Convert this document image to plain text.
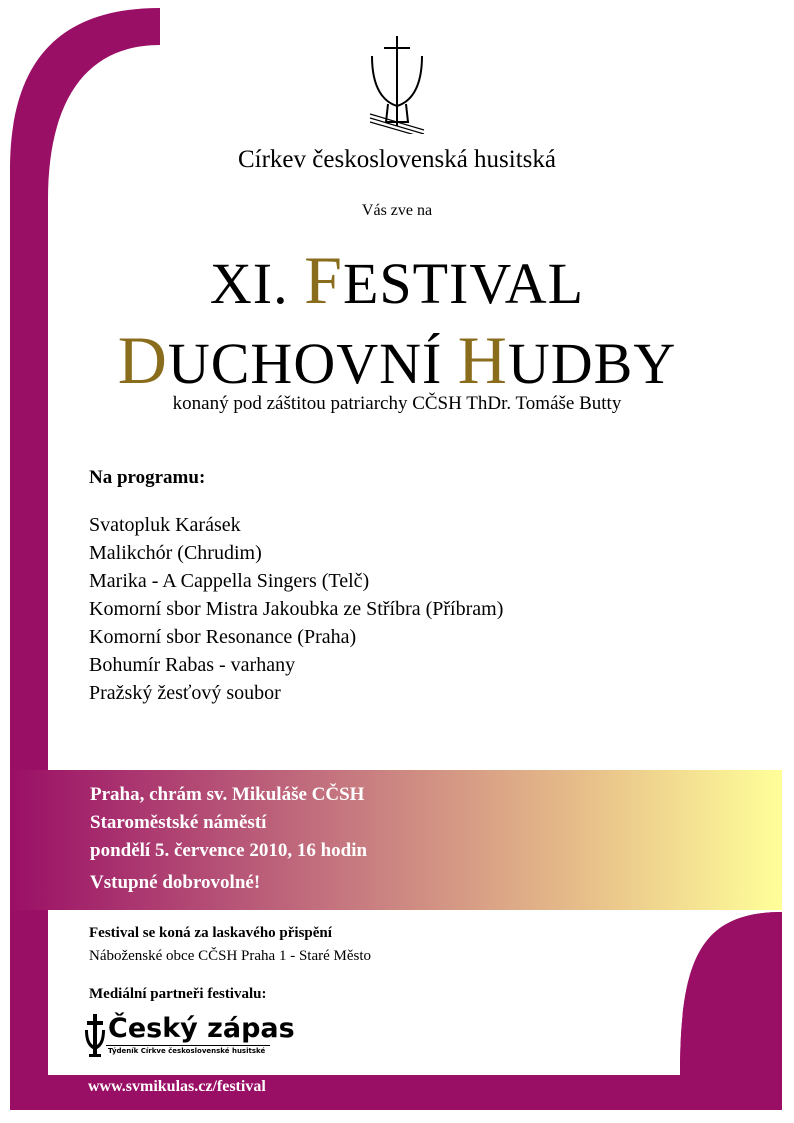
Církev československá husitská
Vás zve na
XI. FESTIVAL
DUCHOVNÍ HUDBY
konaný pod záštitou patriarchy CČSH ThDr. Tomáše Butty
Na programu:
Svatopluk Karásek
Malikchór (Chrudim)
Marika - A Cappella Singers (Telč)
Komorní sbor Mistra Jakoubka ze Stříbra (Příbram)
Komorní sbor Resonance (Praha)
Bohumír Rabas - varhany
Pražský žesťový soubor
Praha, chrám sv. Mikuláše CČSH
Staroměstské náměstí
pondělí 5. července 2010, 16 hodin
Vstupné dobrovolné!
Festival se koná za laskavého přispění
Náboženské obce CČSH Praha 1 - Staré Město
Mediální partneři festivalu:
Český zápas
Týdeník Církve československé husitské
www.svmikulas.cz/festival
